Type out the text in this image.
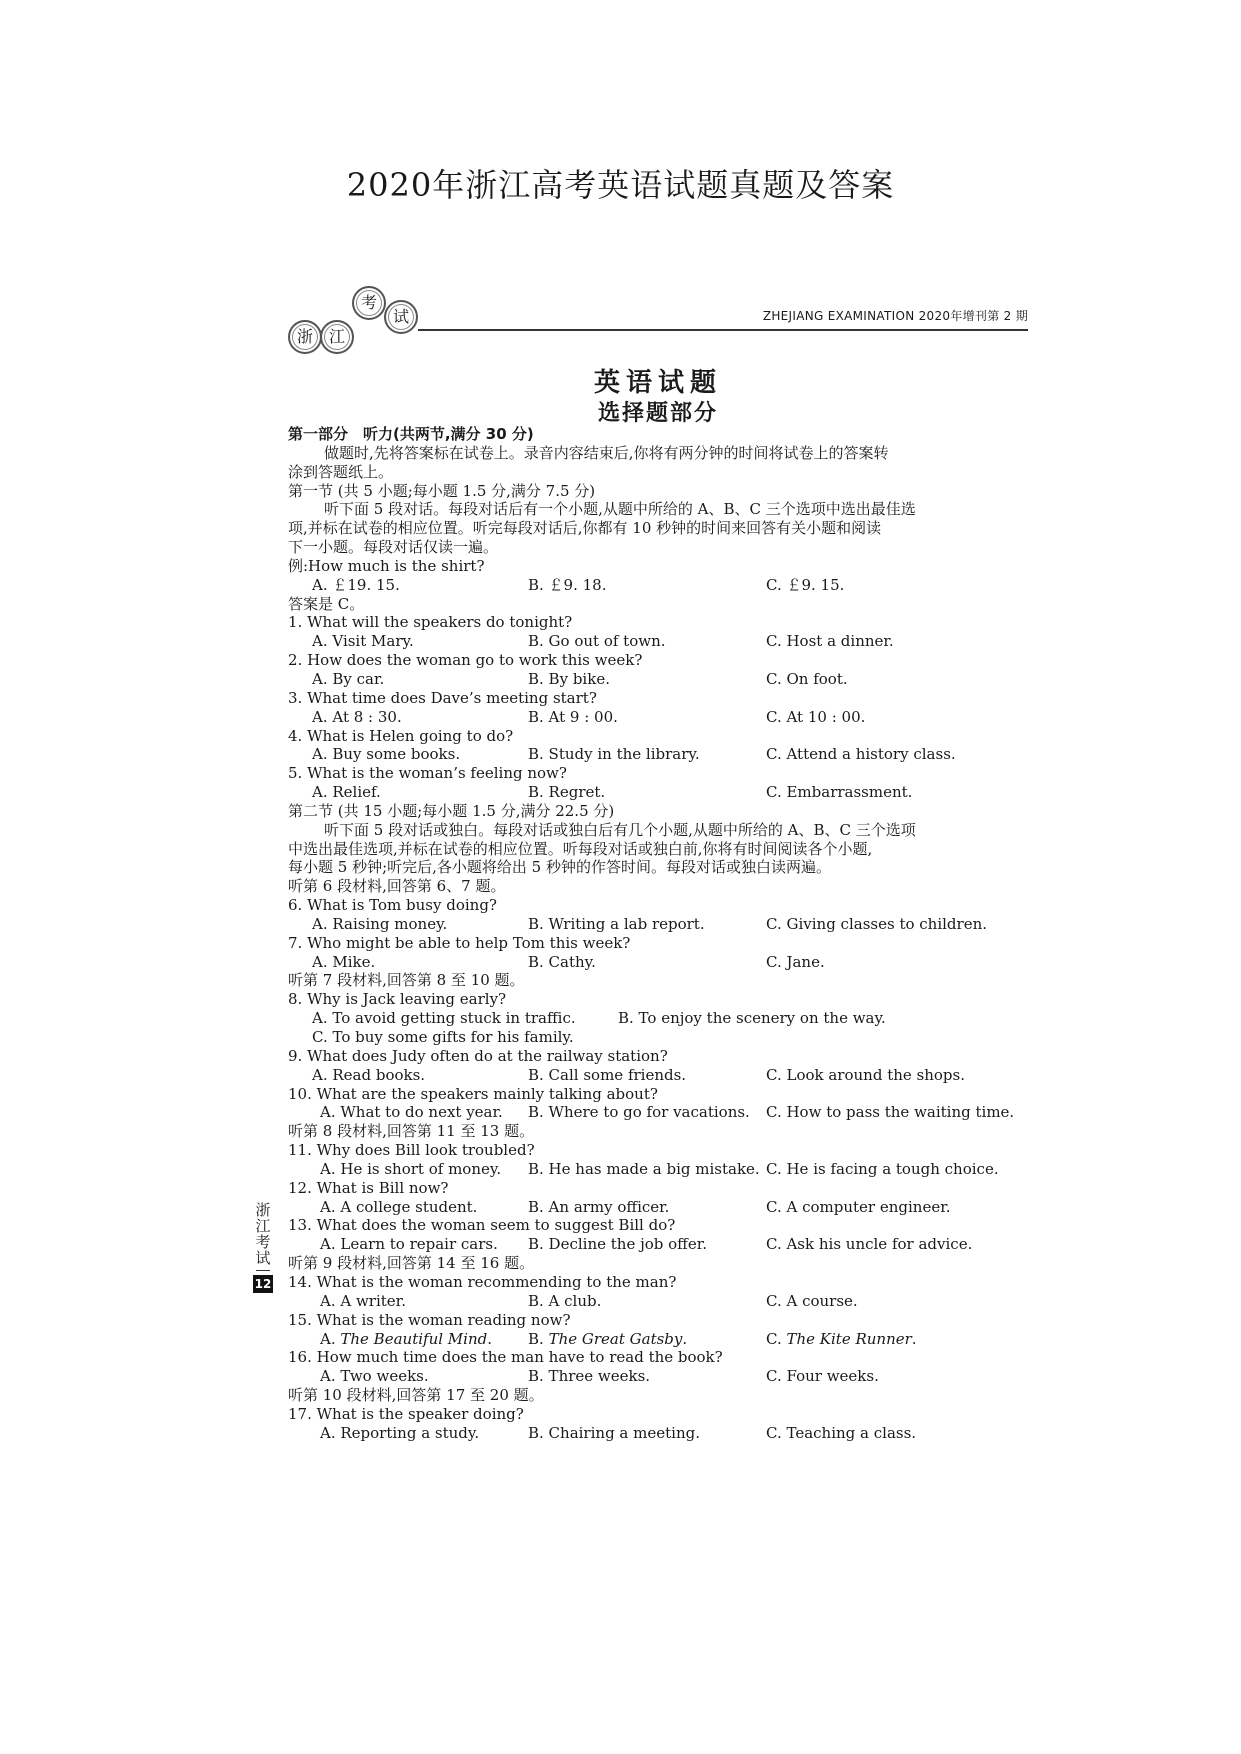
2020年浙江高考英语试题真题及答案
浙 江
考
试	ZHEJIANG EXAMINATION 2020年增刊第 2 期
英语试题
选择题部分
第一部分　听力(共两节,满分 30 分)
做题时,先将答案标在试卷上。录音内容结束后,你将有两分钟的时间将试卷上的答案转
涂到答题纸上。
第一节 (共 5 小题;每小题 1.5 分,满分 7.5 分)
听下面 5 段对话。每段对话后有一个小题,从题中所给的 A、B、C 三个选项中选出最佳选
项,并标在试卷的相应位置。听完每段对话后,你都有 10 秒钟的时间来回答有关小题和阅读
下一小题。每段对话仅读一遍。
例:How much is the shirt?
A. ￡19. 15.	B. ￡9. 18.	C. ￡9. 15.
答案是 C。
1. What will the speakers do tonight?
A. Visit Mary.	B. Go out of town.	C. Host a dinner.
2. How does the woman go to work this week?
A. By car.	B. By bike.	C. On foot.
3. What time does Dave’s meeting start?
A. At 8 : 30.	B. At 9 : 00.	C. At 10 : 00.
4. What is Helen going to do?
A. Buy some books.	B. Study in the library.	C. Attend a history class.
5. What is the woman’s feeling now?
A. Relief.	B. Regret.	C. Embarrassment.
第二节 (共 15 小题;每小题 1.5 分,满分 22.5 分)
听下面 5 段对话或独白。每段对话或独白后有几个小题,从题中所给的 A、B、C 三个选项
中选出最佳选项,并标在试卷的相应位置。听每段对话或独白前,你将有时间阅读各个小题,
每小题 5 秒钟;听完后,各小题将给出 5 秒钟的作答时间。每段对话或独白读两遍。
听第 6 段材料,回答第 6、7 题。
6. What is Tom busy doing?
A. Raising money.	B. Writing a lab report.	C. Giving classes to children.
7. Who might be able to help Tom this week?
A. Mike.	B. Cathy.	C. Jane.
听第 7 段材料,回答第 8 至 10 题。
8. Why is Jack leaving early?
A. To avoid getting stuck in traffic.	B. To enjoy the scenery on the way.
C. To buy some gifts for his family.
9. What does Judy often do at the railway station?
A. Read books.	B. Call some friends.	C. Look around the shops.
10. What are the speakers mainly talking about?
A. What to do next year. B. Where to go for vacations. C. How to pass the waiting time.
听第 8 段材料,回答第 11 至 13 题。
11. Why does Bill look troubled?
A. He is short of money. B. He has made a big mistake. C. He is facing a tough choice.
12. What is Bill now?
A. A college student.	B. An army officer.	C. A computer engineer.
13. What does the woman seem to suggest Bill do?
A. Learn to repair cars. B. Decline the job offer.	C. Ask his uncle for advice.
听第 9 段材料,回答第 14 至 16 题。
14. What is the woman recommending to the man?
A. A writer.	B. A club.	C. A course.
15. What is the woman reading now?
A. The Beautiful Mind. B. The Great Gatsby.	C. The Kite Runner.
16. How much time does the man have to read the book?
A. Two weeks.	B. Three weeks.	C. Four weeks.
听第 10 段材料,回答第 17 至 20 题。
17. What is the speaker doing?
A. Reporting a study.	B. Chairing a meeting.	C. Teaching a class.
浙
江
考
试
12
